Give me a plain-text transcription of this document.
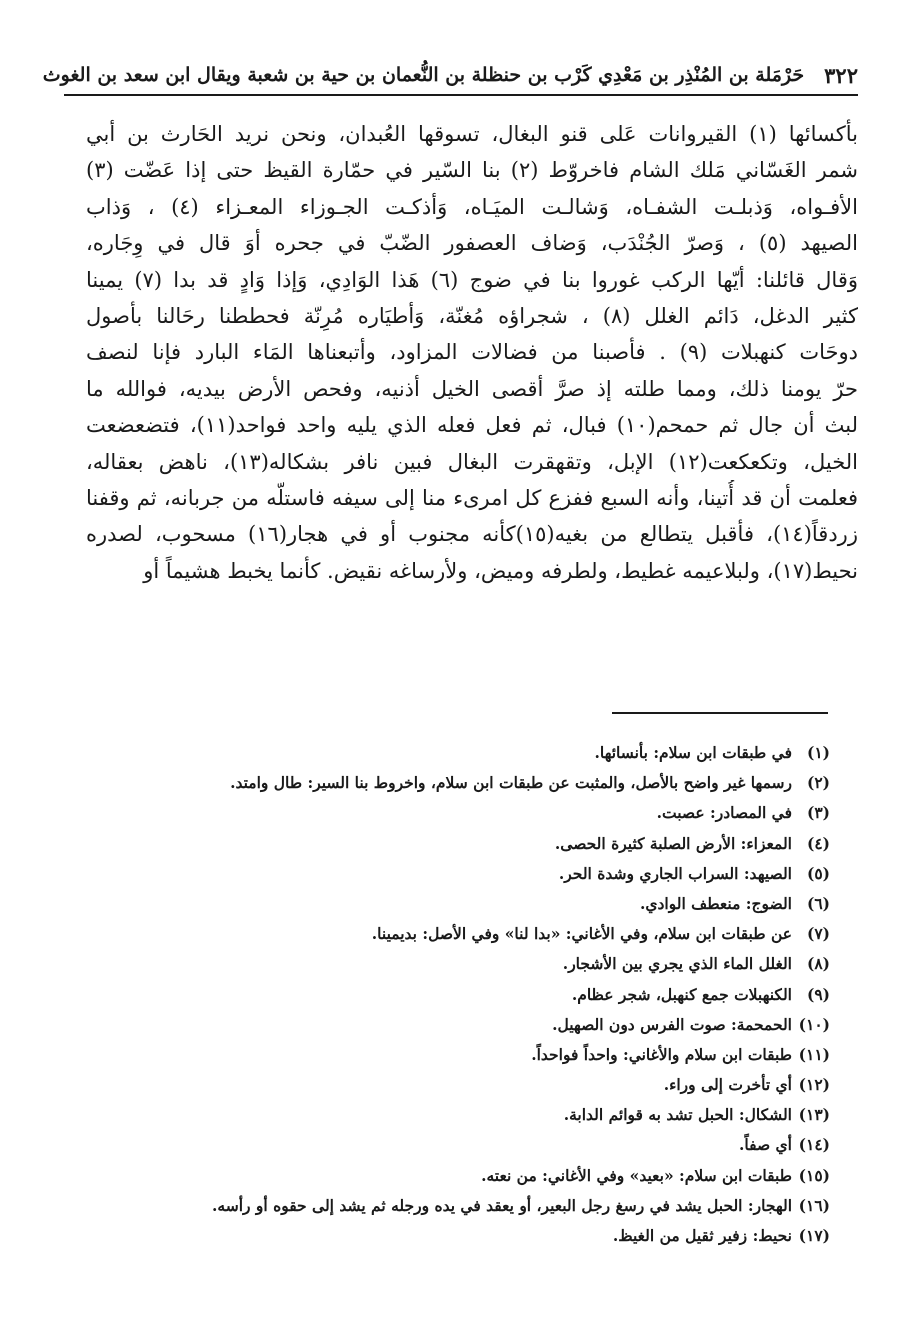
٣٢٢
حَرْمَلة بن المُنْذِر بن مَعْدِي كَرْب بن حنظلة بن النُّعمان بن حية بن شعبة ويقال ابن سعد بن الغوث
بأكسائها (١) القيروانات عَلى قنو البغال، تسوقها العُبدان، ونحن نريد الحَارث بن أبي
شمر الغَسّاني مَلك الشام فاخروّط (٢) بنا السّير في حمّارة القيظ حتى إذا عَضّت (٣)
الأفـواه، وَذبلـت الشفـاه، وَشالـت الميَـاه، وَأذكـت الجـوزاء المعـزاء (٤) ، وَذاب
الصيهد (٥) ، وَصرّ الجُنْدَب، وَضاف العصفور الضّبّ في جحره أوَ قال في وِجَاره،
وَقال قائلنا: أيّها الركب غوروا بنا في ضوج (٦) هَذا الوَادِي، وَإذا وَادٍ قد بدا (٧) يمينا
كثير الدغل، دَائم الغلل (٨) ، شجراؤه مُغنّة، وَأطيَاره مُرِنّة فحططنا رحَالنا بأصول
دوحَات كنهبلات (٩) . فأصبنا من فضالات المزاود، وأتبعناها المَاء البارد فإنا لنصف
حرّ يومنا ذلك، ومما طلته إذ صرَّ أقصى الخيل أذنيه، وفحص الأرض بيديه، فوالله ما
لبث أن جال ثم حمحم(١٠) فبال، ثم فعل فعله الذي يليه واحد فواحد(١١)، فتضعضعت
الخيل، وتكعكعت(١٢) الإبل، وتقهقرت البغال فبين نافر بشكاله(١٣)، ناهض بعقاله،
فعلمت أن قد أُتينا، وأنه السبع ففزع كل امرىء منا إلى سيفه فاستلّه من جربانه، ثم وقفنا
زردقاً(١٤)، فأقبل يتطالع من بغيه(١٥)كأنه مجنوب أو في هجار(١٦) مسحوب، لصدره
نحيط(١٧)، ولبلاعيمه غطيط، ولطرفه وميض، ولأرساغه نقيض. كأنما يخبط هشيماً أو
(١)
في طبقات ابن سلام: بأنسائها.
(٢)
رسمها غير واضح بالأصل، والمثبت عن طبقات ابن سلام، واخروط بنا السير: طال وامتد.
(٣)
في المصادر: عصبت.
(٤)
المعزاء: الأرض الصلبة كثيرة الحصى.
(٥)
الصيهد: السراب الجاري وشدة الحر.
(٦)
الضوج: منعطف الوادي.
(٧)
عن طبقات ابن سلام، وفي الأغاني: «بدا لنا» وفي الأصل: بديمينا.
(٨)
الغلل الماء الذي يجري بين الأشجار.
(٩)
الكنهبلات جمع كنهبل، شجر عظام.
(١٠)
الحمحمة: صوت الفرس دون الصهيل.
(١١)
طبقات ابن سلام والأغاني: واحداً فواحداً.
(١٢)
أي تأخرت إلى وراء.
(١٣)
الشكال: الحبل تشد به قوائم الدابة.
(١٤)
أي صفاً.
(١٥)
طبقات ابن سلام: «بعيد» وفي الأغاني: من نعته.
(١٦)
الهجار: الحبل يشد في رسغ رجل البعير، أو يعقد في يده ورجله ثم يشد إلى حقوه أو رأسه.
(١٧)
نحيط: زفير ثقيل من الغيظ.
